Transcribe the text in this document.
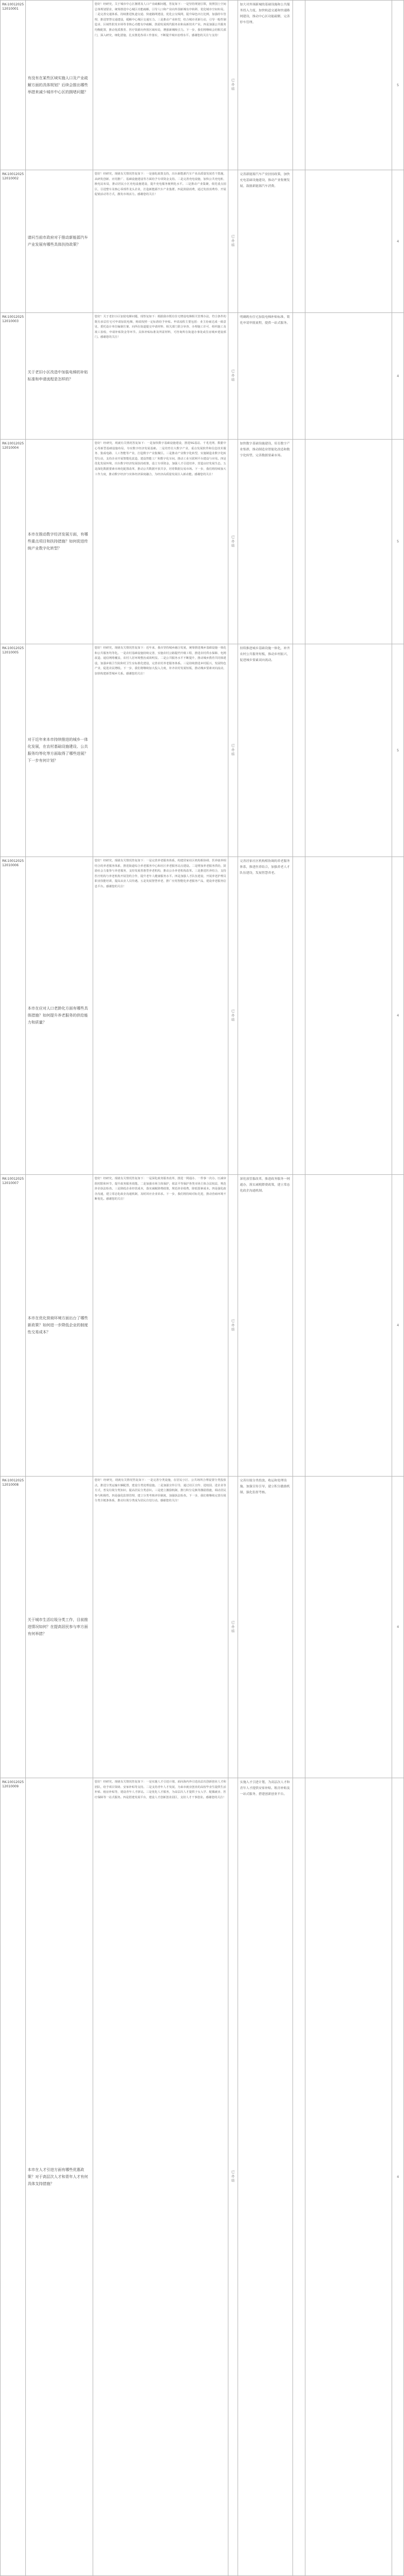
RK-1001202512010001	有没有在某些区域实施人口及产业疏解方面的具体规划？后续会推出哪些举措来减少城市中心区的拥堵问题？	您好！经研究，关于城市中心区拥堵及人口产业疏解问题，答复如下：一是坚持规划引领，按照国土空间总体规划要求，统筹推进中心城区功能疏解，引导人口和产业向外围新城有序转移，优化城市空间布局。二是完善交通体系，持续推进轨道交通、快速路网建设，优化公交线网，提升绿色出行比例，加强停车管理，推进智慧交通建设，缓解中心城区交通压力。三是推动产业转型，结合城市更新行动，引导一般性制造业、区域性批发市场等非核心功能有序疏解，鼓励发展现代服务业和高新技术产业。四是加强公共服务均衡配置，推动优质教育、医疗资源向外围区域布局，增强新城吸引力。下一步，我们将继续会同相关部门，深入研究，细化措施，扎实推进各项工作落实，不断提升城市治理水平。感谢您的关注与支持！	已办结	加大对外围新城的基础设施和公共服务投入力度，加快轨道交通和快速路网建设，推动中心区功能疏解，完善停车管理。			5
RK-1001202512010002	请问当前市政府对于推动新能源汽车产业发展有哪些具体扶持政策？	您好！经研究，现就有关情况答复如下：一是强化政策支持，出台新能源汽车产业高质量发展若干措施，从研发创新、应用推广、基础设施建设等方面给予专项资金支持。二是完善充电设施，加快公共充电桩、换电站布局，推动居民小区充电设施建设，提升充电服务便利化水平。三是推动产业集聚，依托重点园区，引进整车及核心零部件龙头企业，打造新能源汽车产业集群。四是鼓励消费，通过发放消费券、开展促销活动等方式，激发市场活力。感谢您的关注！	已办结	完善新能源汽车产业扶持政策，加快充电基础设施建设，推动产业集聚发展，鼓励新能源汽车消费。			4
RK-1001202512010003	关于老旧小区改造中加装电梯的补贴标准和申请流程是怎样的？	您好！关于老旧小区加装电梯问题，现答复如下：根据我市既有住宅增设电梯相关管理办法，符合条件的既有多层住宅可申请加装电梯，财政按照一定标准给予补贴。申请流程主要包括：业主协商达成一致意见、委托设计单位编制方案、向所在街道提交申请材料、相关部门联合审查、办理施工许可、组织施工及竣工验收、申请补贴资金等环节。具体补贴标准及所需材料，可咨询所在街道办事处或住房城乡建设部门。感谢您的关注！	已办结	明确既有住宅加装电梯补贴标准，简化申请审批流程，提供一站式服务。			4
RK-1001202512010004	本市在推动数字经济发展方面，有哪些重点项目和扶持措施？如何促进传统产业数字化转型？	您好！经研究，现就有关情况答复如下：一是加快数字基础设施建设，推进5G基站、千兆光网、数据中心等新型基础设施布局，夯实数字经济发展基础。二是培育壮大数字产业，重点发展软件和信息技术服务、集成电路、人工智能等产业，打造数字产业集聚区。三是推动产业数字化转型，实施制造业数字化转型行动，支持企业开展智能化改造，建设智能工厂和数字化车间，推动工业互联网平台建设与应用。四是优化发展环境，出台数字经济发展扶持政策，设立专项资金，加强人才引进培养，营造良好发展生态。五是深化数据要素市场化配置改革，推动公共数据开放共享，培育数据交易市场。下一步，我们将持续加大工作力度，推动数字经济与实体经济深度融合，为经济高质量发展注入新动能。感谢您的关注！	已办结	加快数字基础设施建设，培育数字产业集群，推动制造业智能化改造和数字化转型，完善数据要素市场。			5
RK-1001202512010005	对于近年来本市持续推进的城乡一体化发展，在农村基础设施建设、公共服务均等化等方面取得了哪些进展？下一步有何计划？	您好！经研究，现就有关情况答复如下：近年来，我市坚持城乡融合发展，统筹推进城乡基础设施一体化和公共服务均等化。一是农村基础设施持续完善，实施农村公路提档升级工程，推进农村供水保障、电网改造、通信网络覆盖，农村人居环境整治成效明显。二是公共服务水平不断提升，推动城乡教育共同体建设，加强乡镇卫生院和村卫生室标准化建设，完善农村养老服务体系。三是持续推进乡村振兴，发展特色产业，促进农民增收。下一步，我们将继续加大投入力度，补齐农村发展短板，推动城乡要素双向流动，加快构建新型城乡关系。感谢您的关注！	已办结	持续推进城乡基础设施一体化，补齐农村公共服务短板，推动乡村振兴，促进城乡要素双向流动。			5
RK-1001202512010006	本市在应对人口老龄化方面有哪些具体措施？如何提升养老服务的供给能力和质量？	您好！经研究，现就有关情况答复如下：一是完善养老服务体系，构建居家社区机构相协调、医养康养相结合的养老服务体系，推进街道综合养老服务中心和社区养老服务站点建设。二是增加养老服务供给，鼓励社会力量参与养老服务，支持发展普惠型养老机构，推动公办养老机构改革。三是推进医养结合，支持医疗机构与养老机构开展签约合作，提升老年人健康服务水平。四是加强人才队伍建设，开展养老护理员职业技能培训，提高从业人员待遇。五是发展智慧养老，推广应用智能化养老服务产品，建设养老服务信息平台。感谢您的关注！	已办结	完善居家社区机构相协调的养老服务体系，推进医养结合，加强养老人才队伍建设，发展智慧养老。			4
RK-1001202512010007	本市在优化营商环境方面出台了哪些新政策？如何进一步降低企业的制度性交易成本？	您好！经研究，现就有关情况答复如下：一是深化政务服务改革，推进一网通办、一件事一次办，压减审批时限和环节，提升政务服务效能。二是加强市场主体保护，依法平等保护各类市场主体合法权益，规范涉企执法检查。三是降低企业经营成本，落实减税降费政策，规范涉企收费，降低要素成本。四是强化政企沟通，建立常态化政企沟通机制，及时回应企业诉求。下一步，我们将持续对标先进，推动营商环境不断优化。感谢您的关注！	已办结	深化放管服改革，推进政务服务一网通办，落实减税降费政策，建立常态化政企沟通机制。			4
RK-1001202512010008	关于城市生活垃圾分类工作，目前推进情况如何？在提高居民参与率方面有何举措？	您好！经研究，现就有关情况答复如下：一是完善分类设施，在居民小区、公共场所合理设置分类投放点，推进分类运输车辆配置，建设分类处理设施。二是加强宣传引导，通过社区宣传、进校园、进企业等方式，普及垃圾分类知识，提高居民分类意识。三是建立激励机制，推行积分兑换等激励措施，调动居民参与积极性。四是强化监督管理，建立分类考核评价制度，加强执法检查。下一步，我们将继续完善垃圾分类全链条体系，推动垃圾分类成为居民自觉行动。感谢您的关注！	已办结	完善垃圾分类投放、收运和处理设施，加强宣传引导，建立积分激励机制，强化监督考核。			4
RK-1001202512010009	本市在人才引进方面有哪些优惠政策？对于高层次人才和青年人才有何具体支持措施？	您好！经研究，现就有关情况答复如下：一是实施人才引进计划，面向海内外引进高层次创新创业人才和团队，给予项目资助、安家补贴等支持。二是支持青年人才发展，为来市就业创业的高校毕业生提供生活补贴、租房补贴等，建设青年人才驿站。三是优化人才服务，为高层次人才提供子女入学、配偶就业、医疗保障等一站式服务。四是搭建发展平台，建设人才创新创业园区，支持人才干事创业。感谢您的关注！	已办结	实施人才引进计划，为高层次人才和青年人才提供安家补贴、租房补贴及一站式服务，搭建创新创业平台。			4
